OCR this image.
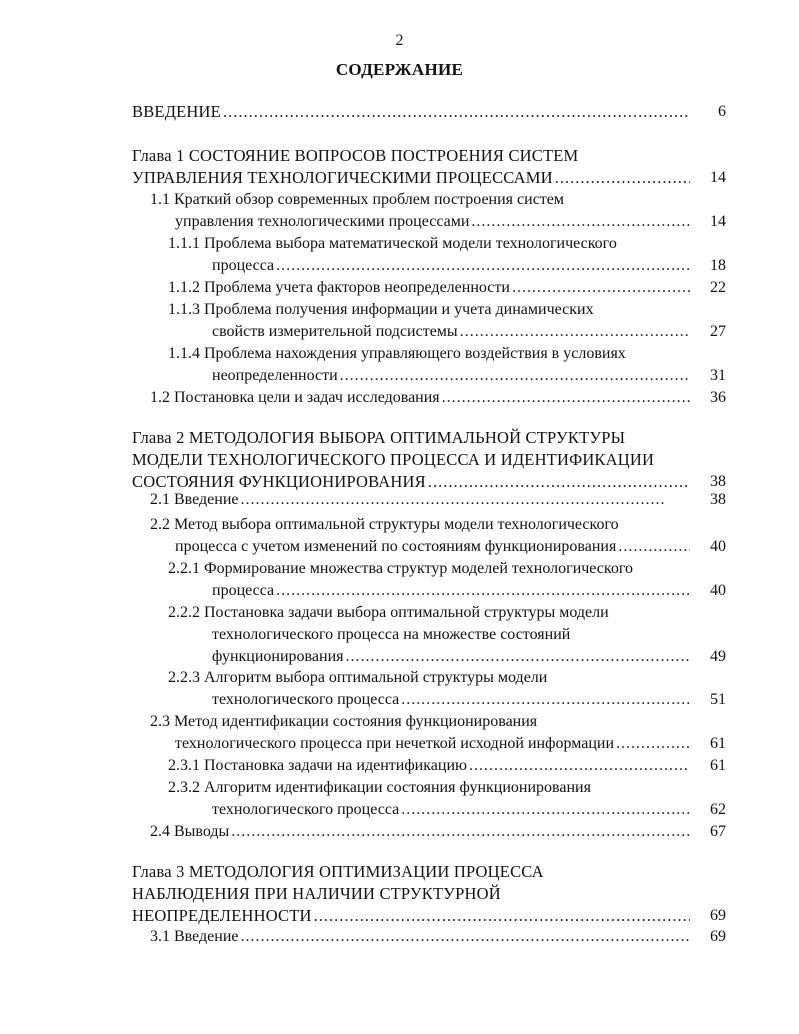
2
СОДЕРЖАНИЕ
ВВЕДЕНИЕ .....	6
Глава 1 СОСТОЯНИЕ ВОПРОСОВ ПОСТРОЕНИЯ СИСТЕМ
УПРАВЛЕНИЯ ТЕХНОЛОГИЧЕСКИМИ ПРОЦЕССАМИ .....	14
1.1 Краткий обзор современных проблем построения систем
управления технологическими процессами .....	14
1.1.1 Проблема выбора математической модели технологического
процесса .....	18
1.1.2 Проблема учета факторов неопределенности .....	22
1.1.3 Проблема получения информации и учета динамических
свойств измерительной подсистемы .....	27
1.1.4 Проблема нахождения управляющего воздействия в условиях
неопределенности .....	31
1.2 Постановка цели и задач исследования .....	36
Глава 2 МЕТОДОЛОГИЯ ВЫБОРА ОПТИМАЛЬНОЙ СТРУКТУРЫ
МОДЕЛИ ТЕХНОЛОГИЧЕСКОГО ПРОЦЕССА И ИДЕНТИФИКАЦИИ
СОСТОЯНИЯ ФУНКЦИОНИРОВАНИЯ .....	38
2.1 Введение .....	38
2.2 Метод выбора оптимальной структуры модели технологического
процесса с учетом изменений по состояниям функционирования .....	40
2.2.1 Формирование множества структур моделей технологического
процесса .....	40
2.2.2 Постановка задачи выбора оптимальной структуры модели
технологического процесса на множестве состояний
функционирования .....	49
2.2.3 Алгоритм выбора оптимальной структуры модели
технологического процесса .....	51
2.3 Метод идентификации состояния функционирования
технологического процесса при нечеткой исходной информации .....	61
2.3.1 Постановка задачи на идентификацию .....	61
2.3.2 Алгоритм идентификации состояния функционирования
технологического процесса .....	62
2.4 Выводы .....	67
Глава 3 МЕТОДОЛОГИЯ ОПТИМИЗАЦИИ ПРОЦЕССА
НАБЛЮДЕНИЯ ПРИ НАЛИЧИИ СТРУКТУРНОЙ
НЕОПРЕДЕЛЕННОСТИ .....	69
3.1 Введение .....	69
